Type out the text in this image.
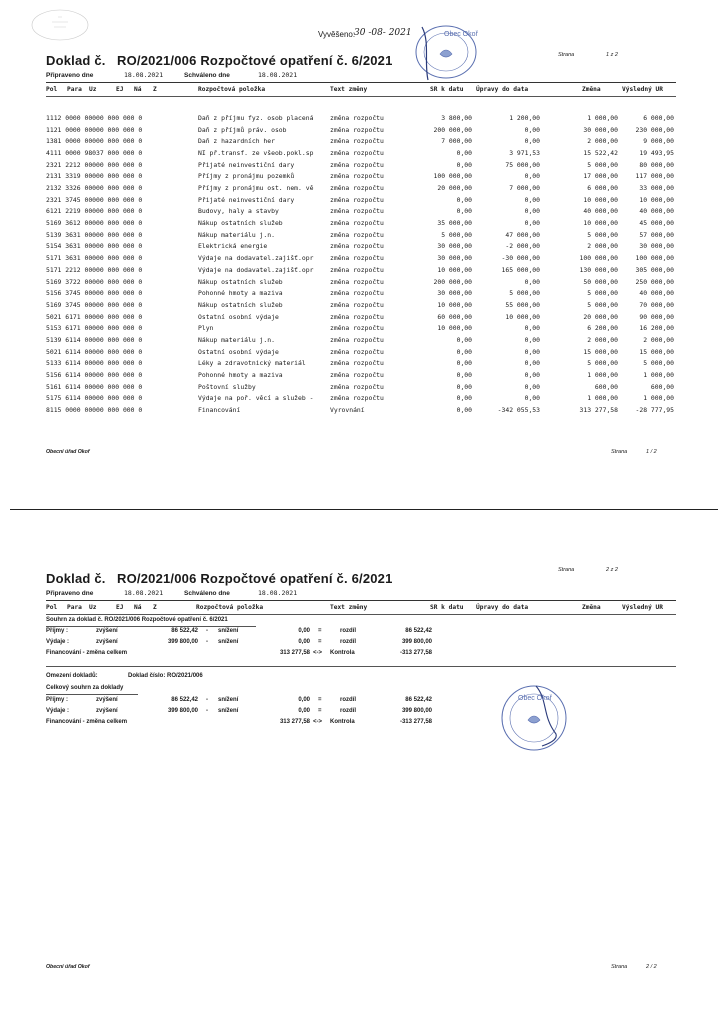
Vyvěšeno:
30 -08- 2021	Obec Okoř
Strana	1 z 2
Doklad č. RO/2021/006 Rozpočtové opatření č. 6/2021
Připraveno dne	18.08.2021	Schváleno dne	18.08.2021
Pol Para Uz	EJ Ná Z	Rozpočtová položka	Text změny	SR k datu Úpravy do data	Změna	Výsledný UR
1112 0000 00000 000 000 0	Daň z příjmu fyz. osob placená	změna rozpočtu	3 800,00	1 200,00	1 000,00	6 000,00
1121 0000 00000 000 000 0	Daň z příjmů práv. osob	změna rozpočtu	200 000,00	0,00	30 000,00	230 000,00
1381 0000 00000 000 000 0	Daň z hazardních her	změna rozpočtu	7 000,00	0,00	2 000,00	9 000,00
4111 0000 98037 000 000 0	NI př.transf. ze všeob.pokl.sp	změna rozpočtu	0,00	3 971,53	15 522,42	19 493,95
2321 2212 00000 000 000 0	Přijaté neinvestiční dary	změna rozpočtu	0,00	75 000,00	5 000,00	80 000,00
2131 3319 00000 000 000 0	Příjmy z pronájmu pozemků	změna rozpočtu	100 000,00	0,00	17 000,00	117 000,00
2132 3326 00000 000 000 0	Příjmy z pronájmu ost. nem. vě	změna rozpočtu	20 000,00	7 000,00	6 000,00	33 000,00
2321 3745 00000 000 000 0	Přijaté neinvestiční dary	změna rozpočtu	0,00	0,00	10 000,00	10 000,00
6121 2219 00000 000 000 0	Budovy, haly a stavby	změna rozpočtu	0,00	0,00	40 000,00	40 000,00
5169 3612 00000 000 000 0	Nákup ostatních služeb	změna rozpočtu	35 000,00	0,00	10 000,00	45 000,00
5139 3631 00000 000 000 0	Nákup materiálu j.n.	změna rozpočtu	5 000,00	47 000,00	5 000,00	57 000,00
5154 3631 00000 000 000 0	Elektrická energie	změna rozpočtu	30 000,00	-2 000,00	2 000,00	30 000,00
5171 3631 00000 000 000 0	Výdaje na dodavatel.zajišť.opr	změna rozpočtu	30 000,00	-30 000,00	100 000,00	100 000,00
5171 2212 00000 000 000 0	Výdaje na dodavatel.zajišť.opr	změna rozpočtu	10 000,00	165 000,00	130 000,00	305 000,00
5169 3722 00000 000 000 0	Nákup ostatních služeb	změna rozpočtu	200 000,00	0,00	50 000,00	250 000,00
5156 3745 00000 000 000 0	Pohonné hmoty a maziva	změna rozpočtu	30 000,00	5 000,00	5 000,00	40 000,00
5169 3745 00000 000 000 0	Nákup ostatních služeb	změna rozpočtu	10 000,00	55 000,00	5 000,00	70 000,00
5021 6171 00000 000 000 0	Ostatní osobní výdaje	změna rozpočtu	60 000,00	10 000,00	20 000,00	90 000,00
5153 6171 00000 000 000 0	Plyn	změna rozpočtu	10 000,00	0,00	6 200,00	16 200,00
5139 6114 00000 000 000 0	Nákup materiálu j.n.	změna rozpočtu	0,00	0,00	2 000,00	2 000,00
5021 6114 00000 000 000 0	Ostatní osobní výdaje	změna rozpočtu	0,00	0,00	15 000,00	15 000,00
5133 6114 00000 000 000 0	Léky a zdravotnický materiál	změna rozpočtu	0,00	0,00	5 000,00	5 000,00
5156 6114 00000 000 000 0	Pohonné hmoty a maziva	změna rozpočtu	0,00	0,00	1 000,00	1 000,00
5161 6114 00000 000 000 0	Poštovní služby	změna rozpočtu	0,00	0,00	600,00	600,00
5175 6114 00000 000 000 0	Výdaje na poř. věcí a služeb -	změna rozpočtu	0,00	0,00	1 000,00	1 000,00
8115 0000 00000 000 000 0	Financování	Vyrovnání	0,00	-342 055,53	313 277,58	-28 777,95
Obecní úřad Okoř	Strana	1 / 2
Strana	2 z 2
Doklad č. RO/2021/006 Rozpočtové opatření č. 6/2021
Připraveno dne	18.08.2021	Schváleno dne	18.08.2021
Pol Para Uz	EJ Ná Z	Rozpočtová položka	Text změny	SR k datu Úpravy do data	Změna	Výsledný UR
Souhrn za doklad č. RO/2021/006 Rozpočtové opatření č. 6/2021
Příjmy :	zvýšení	86 522,42 - snížení	0,00 =	rozdíl	86 522,42
Výdaje :	zvýšení	399 800,00 - snížení	0,00 =	rozdíl	399 800,00
Financování - změna celkem	313 277,58 <-> Kontrola	-313 277,58
Omezení dokladů:	Doklad číslo: RO/2021/006
Celkový souhrn za doklady
Příjmy :	zvýšení	86 522,42 - snížení	0,00 =	rozdíl	86 522,42
Výdaje :	zvýšení	399 800,00 - snížení	0,00 =	rozdíl	399 800,00
Financování - změna celkem	313 277,58 <-> Kontrola	-313 277,58
Obec Okoř
Obecní úřad Okoř	Strana	2 / 2
